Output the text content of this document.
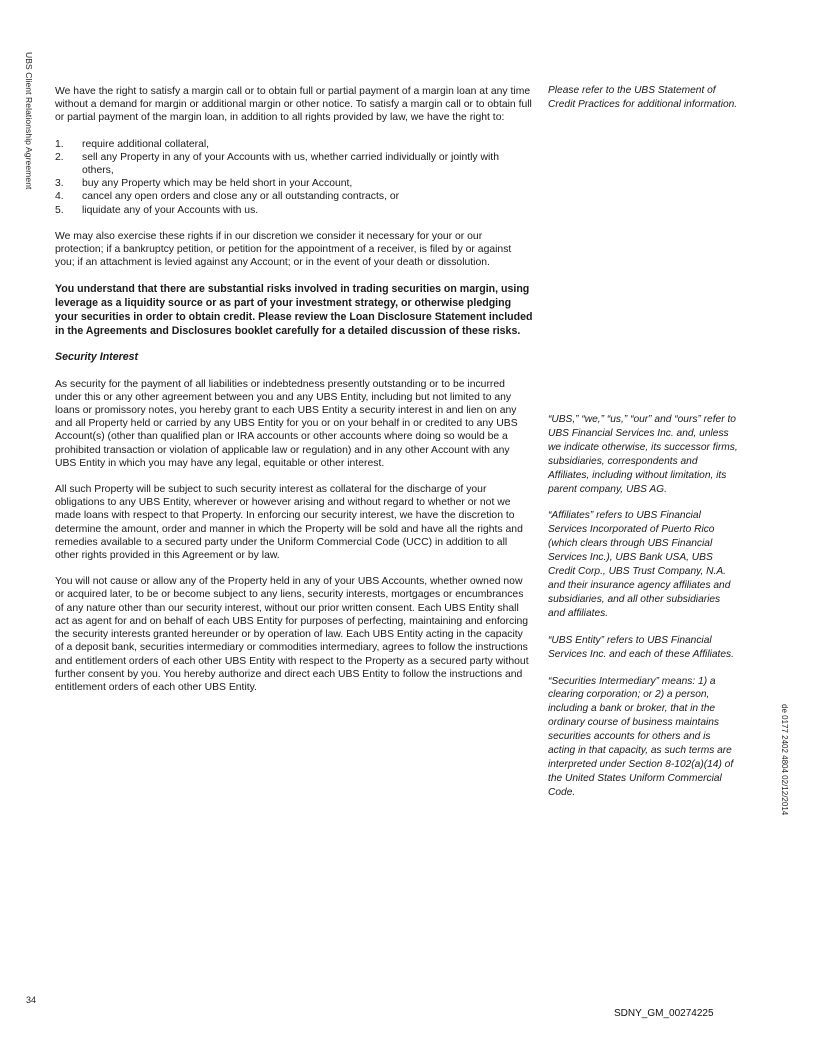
UBS Client Relationship Agreement
de 0177 2402 4804 02/12/2014

We have the right to satisfy a margin call or to obtain full or partial payment of a margin loan at any time without a demand for margin or additional margin or other notice. To satisfy a margin call or to obtain full or partial payment of the margin loan, in addition to all rights provided by law, we have the right to:

1. require additional collateral,
2. sell any Property in any of your Accounts with us, whether carried individually or jointly with others,
3. buy any Property which may be held short in your Account,
4. cancel any open orders and close any or all outstanding contracts, or
5. liquidate any of your Accounts with us.

We may also exercise these rights if in our discretion we consider it necessary for your or our protection; if a bankruptcy petition, or petition for the appointment of a receiver, is filed by or against you; if an attachment is levied against any Account; or in the event of your death or dissolution.

You understand that there are substantial risks involved in trading securities on margin, using leverage as a liquidity source or as part of your investment strategy, or otherwise pledging your securities in order to obtain credit. Please review the Loan Disclosure Statement included in the Agreements and Disclosures booklet carefully for a detailed discussion of these risks.

Security Interest

As security for the payment of all liabilities or indebtedness presently outstanding or to be incurred under this or any other agreement between you and any UBS Entity, including but not limited to any loans or promissory notes, you hereby grant to each UBS Entity a security interest in and lien on any and all Property held or carried by any UBS Entity for you or on your behalf in or credited to any UBS Account(s) (other than qualified plan or IRA accounts or other accounts where doing so would be a prohibited transaction or violation of applicable law or regulation) and in any other Account with any UBS Entity in which you may have any legal, equitable or other interest.

All such Property will be subject to such security interest as collateral for the discharge of your obligations to any UBS Entity, wherever or however arising and without regard to whether or not we made loans with respect to that Property. In enforcing our security interest, we have the discretion to determine the amount, order and manner in which the Property will be sold and have all the rights and remedies available to a secured party under the Uniform Commercial Code (UCC) in addition to all other rights provided in this Agreement or by law.

You will not cause or allow any of the Property held in any of your UBS Accounts, whether owned now or acquired later, to be or become subject to any liens, security interests, mortgages or encumbrances of any nature other than our security interest, without our prior written consent. Each UBS Entity shall act as agent for and on behalf of each UBS Entity for purposes of perfecting, maintaining and enforcing the security interests granted hereunder or by operation of law. Each UBS Entity acting in the capacity of a deposit bank, securities intermediary or commodities intermediary, agrees to follow the instructions and entitlement orders of each other UBS Entity with respect to the Property as a secured party without further consent by you. You hereby authorize and direct each UBS Entity to follow the instructions and entitlement orders of each other UBS Entity.

Please refer to the UBS Statement of Credit Practices for additional information.

“UBS,” “we,” “us,” “our” and “ours” refer to UBS Financial Services Inc. and, unless we indicate otherwise, its successor firms, subsidiaries, correspondents and Affiliates, including without limitation, its parent company, UBS AG.

“Affiliates” refers to UBS Financial Services Incorporated of Puerto Rico (which clears through UBS Financial Services Inc.), UBS Bank USA, UBS Credit Corp., UBS Trust Company, N.A. and their insurance agency affiliates and subsidiaries, and all other subsidiaries and affiliates.

“UBS Entity” refers to UBS Financial Services Inc. and each of these Affiliates.

“Securities Intermediary” means: 1) a clearing corporation; or 2) a person, including a bank or broker, that in the ordinary course of business maintains securities accounts for others and is acting in that capacity, as such terms are interpreted under Section 8-102(a)(14) of the United States Uniform Commercial Code.

34
SDNY_GM_00274225
